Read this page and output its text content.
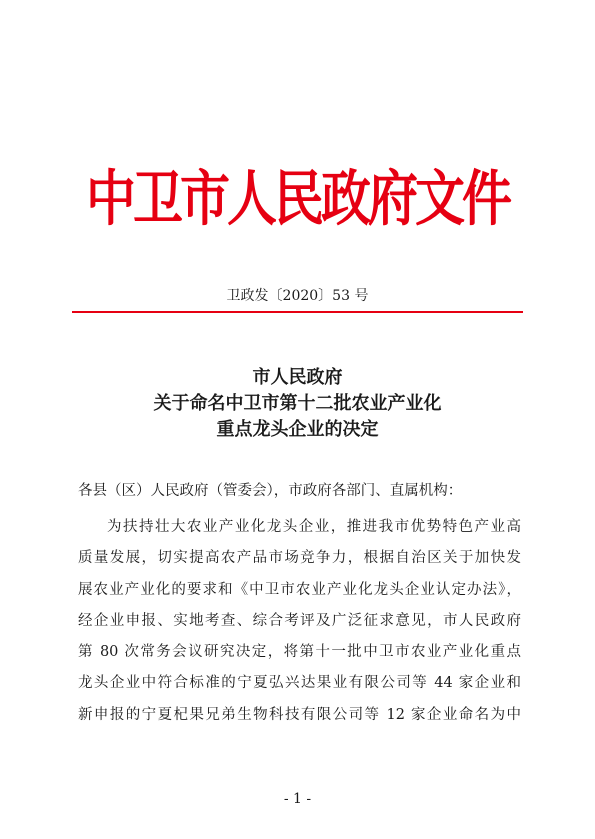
中卫市人民政府文件
卫政发〔2020〕53 号
市人民政府
关于命名中卫市第十二批农业产业化
重点龙头企业的决定
各县（区）人民政府（管委会），市政府各部门、直属机构：
为扶持壮大农业产业化龙头企业，推进我市优势特色产业高
质量发展，切实提高农产品市场竞争力，根据自治区关于加快发
展农业产业化的要求和《中卫市农业产业化龙头企业认定办法》，
经企业申报、实地考查、综合考评及广泛征求意见，市人民政府
第 80 次常务会议研究决定，将第十一批中卫市农业产业化重点
龙头企业中符合标准的宁夏弘兴达果业有限公司等 44 家企业和
新申报的宁夏杞果兄弟生物科技有限公司等 12 家企业命名为中
- 1 -
